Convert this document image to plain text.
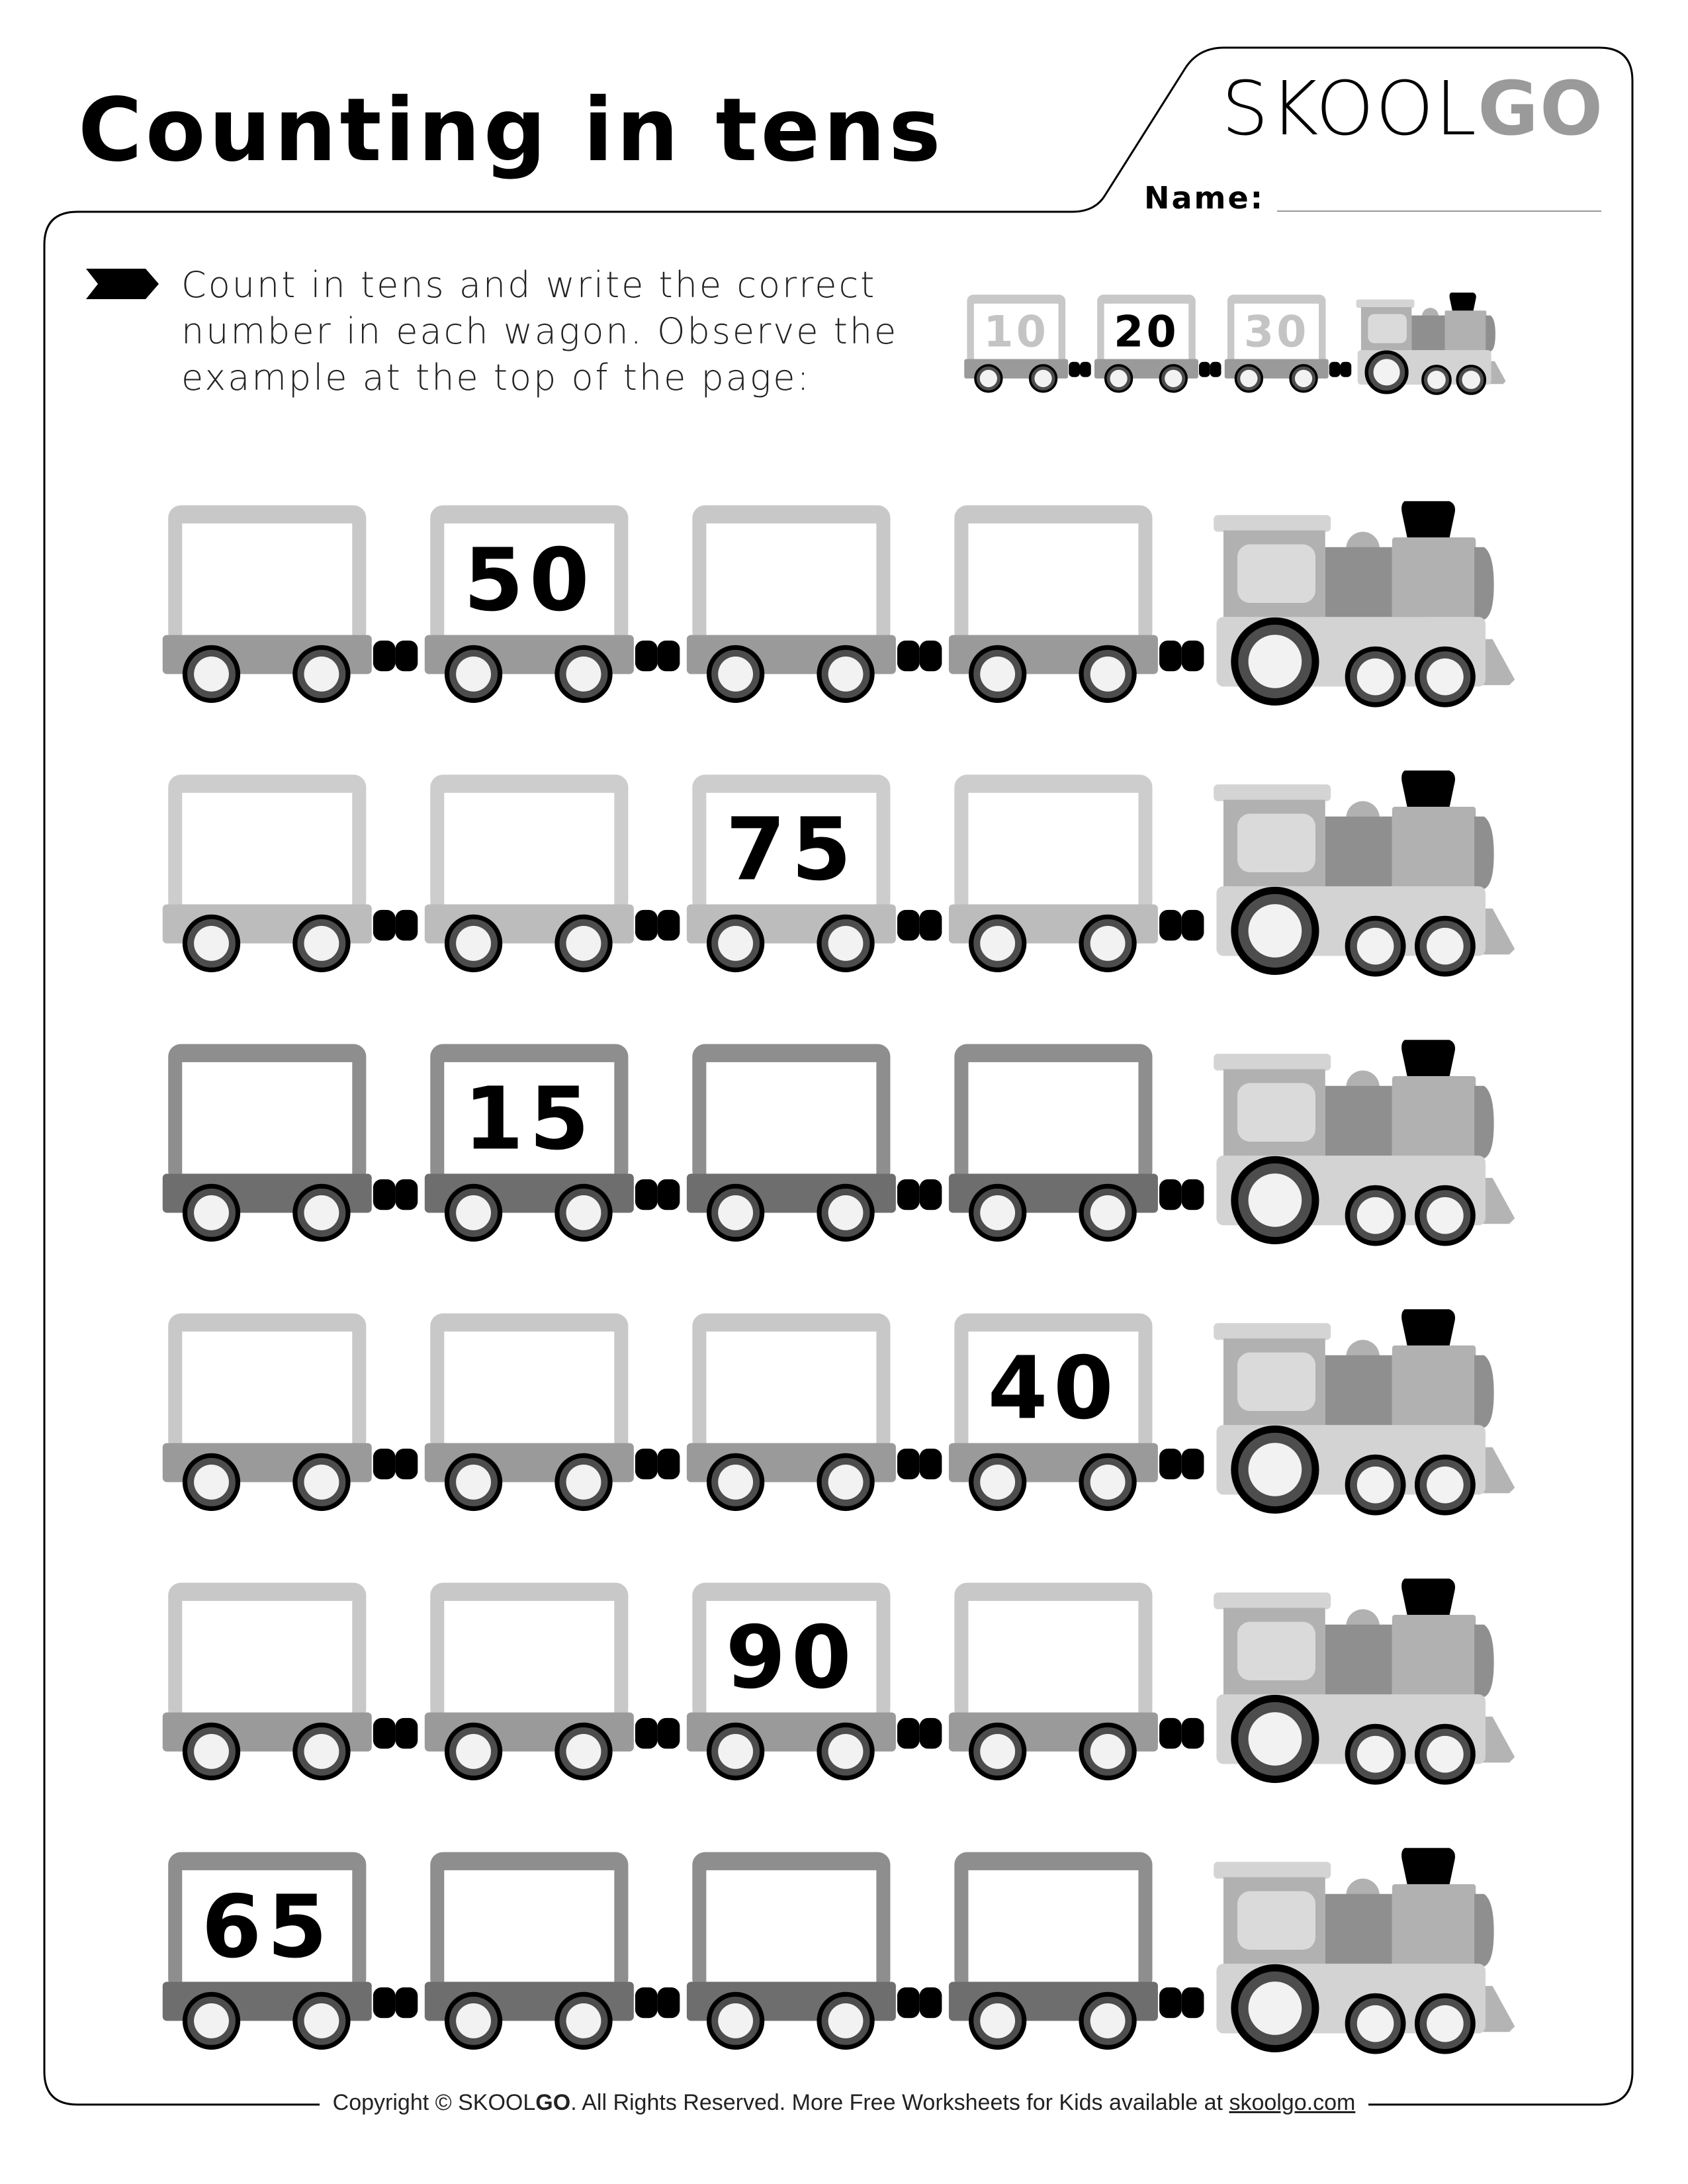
Counting in tens	SKOOLGO
Name:
Count in tens and write the correct number in each wagon. Observe the example at the top of the page:
10 20 30
50
75
15
40
90
65
Copyright © SKOOLGO. All Rights Reserved. More Free Worksheets for Kids available at skoolgo.com
